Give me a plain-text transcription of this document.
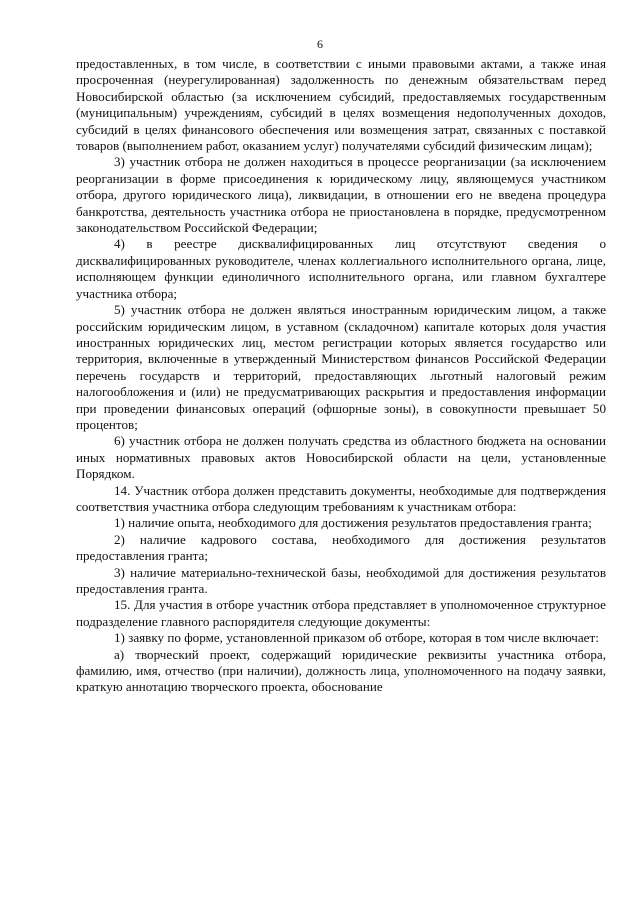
6

предоставленных, в том числе, в соответствии с иными правовыми актами, а также иная просроченная (неурегулированная) задолженность по денежным обязательствам перед Новосибирской областью (за исключением субсидий, предоставляемых государственным (муниципальным) учреждениям, субсидий в целях возмещения недополученных доходов, субсидий в целях финансового обеспечения или возмещения затрат, связанных с поставкой товаров (выполнением работ, оказанием услуг) получателями субсидий физическим лицам);

3) участник отбора не должен находиться в процессе реорганизации (за исключением реорганизации в форме присоединения к юридическому лицу, являющемуся участником отбора, другого юридического лица), ликвидации, в отношении его не введена процедура банкротства, деятельность участника отбора не приостановлена в порядке, предусмотренном законодательством Российской Федерации;

4) в реестре дисквалифицированных лиц отсутствуют сведения о дисквалифицированных руководителе, членах коллегиального исполнительного органа, лице, исполняющем функции единоличного исполнительного органа, или главном бухгалтере участника отбора;

5) участник отбора не должен являться иностранным юридическим лицом, а также российским юридическим лицом, в уставном (складочном) капитале которых доля участия иностранных юридических лиц, местом регистрации которых является государство или территория, включенные в утвержденный Министерством финансов Российской Федерации перечень государств и территорий, предоставляющих льготный налоговый режим налогообложения и (или) не предусматривающих раскрытия и предоставления информации при проведении финансовых операций (офшорные зоны), в совокупности превышает 50 процентов;

6) участник отбора не должен получать средства из областного бюджета на основании иных нормативных правовых актов Новосибирской области на цели, установленные Порядком.

14. Участник отбора должен представить документы, необходимые для подтверждения соответствия участника отбора следующим требованиям к участникам отбора:

1) наличие опыта, необходимого для достижения результатов предоставления гранта;

2) наличие кадрового состава, необходимого для достижения результатов предоставления гранта;

3) наличие материально-технической базы, необходимой для достижения результатов предоставления гранта.

15. Для участия в отборе участник отбора представляет в уполномоченное структурное подразделение главного распорядителя следующие документы:

1) заявку по форме, установленной приказом об отборе, которая в том числе включает:

а) творческий проект, содержащий юридические реквизиты участника отбора, фамилию, имя, отчество (при наличии), должность лица, уполномоченного на подачу заявки, краткую аннотацию творческого проекта, обоснование
